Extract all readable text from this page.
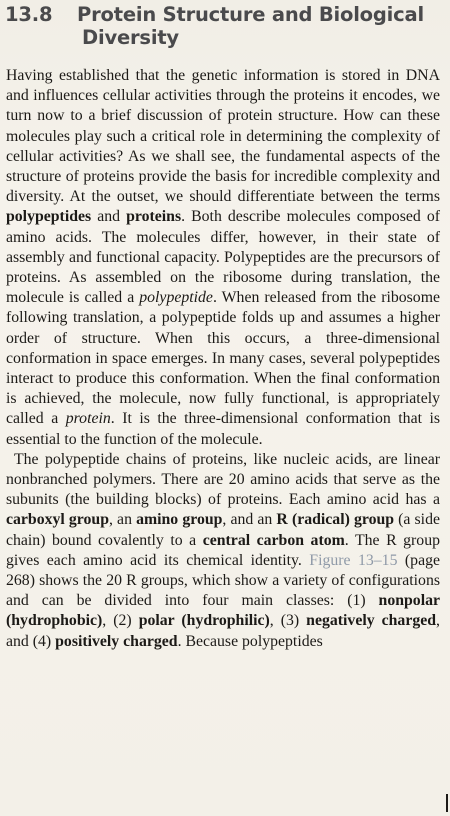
13.8 Protein Structure and Biological
Diversity

Having established that the genetic information is stored in DNA and influences cellular activities through the proteins it encodes, we turn now to a brief discussion of protein structure. How can these molecules play such a critical role in determining the complexity of cellular activities? As we shall see, the fundamental aspects of the structure of proteins provide the basis for incredible complexity and diversity. At the outset, we should differentiate between the terms polypeptides and proteins. Both describe molecules composed of amino acids. The molecules differ, however, in their state of assembly and functional capacity. Polypeptides are the precursors of proteins. As assembled on the ribosome during translation, the molecule is called a polypeptide. When released from the ribosome following translation, a polypeptide folds up and assumes a higher order of structure. When this occurs, a three-dimensional conformation in space emerges. In many cases, several polypeptides interact to produce this conformation. When the final conformation is achieved, the molecule, now fully functional, is appropriately called a protein. It is the three-dimensional conformation that is essential to the function of the molecule.

The polypeptide chains of proteins, like nucleic acids, are linear nonbranched polymers. There are 20 amino acids that serve as the subunits (the building blocks) of proteins. Each amino acid has a carboxyl group, an amino group, and an R (radical) group (a side chain) bound covalently to a central carbon atom. The R group gives each amino acid its chemical identity. Figure 13–15 (page 268) shows the 20 R groups, which show a variety of configurations and can be divided into four main classes: (1) nonpolar (hydrophobic), (2) polar (hydrophilic), (3) negatively charged, and (4) positively charged. Because polypeptides
